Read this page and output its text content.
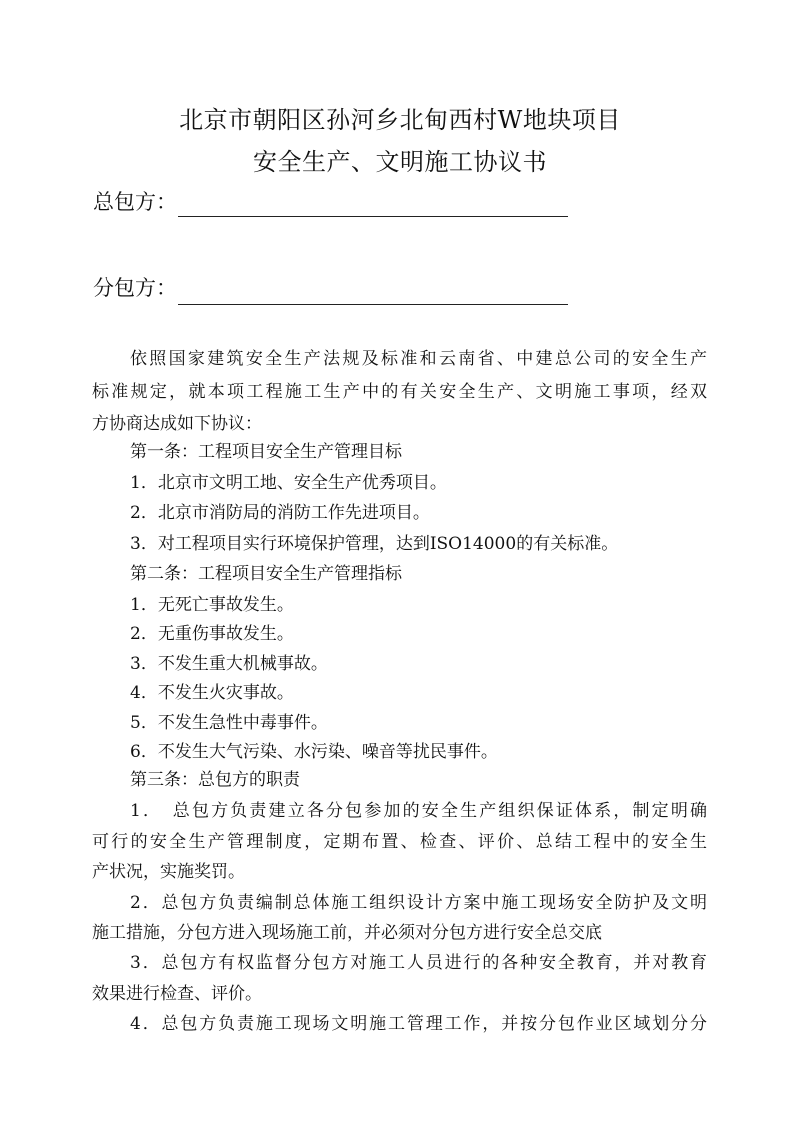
北京市朝阳区孙河乡北甸西村W地块项目
安全生产、文明施工协议书
总包方：
分包方：
依照国家建筑安全生产法规及标准和云南省、中建总公司的安全生产
标准规定，就本项工程施工生产中的有关安全生产、文明施工事项，经双
方协商达成如下协议：
第一条：工程项目安全生产管理目标
1．北京市文明工地、安全生产优秀项目。
2．北京市消防局的消防工作先进项目。
3．对工程项目实行环境保护管理，达到ISO14000的有关标准。
第二条：工程项目安全生产管理指标
1．无死亡事故发生。
2．无重伤事故发生。
3．不发生重大机械事故。
4．不发生火灾事故。
5．不发生急性中毒事件。
6．不发生大气污染、水污染、噪音等扰民事件。
第三条：总包方的职责
1．　总包方负责建立各分包参加的安全生产组织保证体系，制定明确
可行的安全生产管理制度，定期布置、检查、评价、总结工程中的安全生
产状况，实施奖罚。
2．总包方负责编制总体施工组织设计方案中施工现场安全防护及文明
施工措施，分包方进入现场施工前，并必须对分包方进行安全总交底
3．总包方有权监督分包方对施工人员进行的各种安全教育，并对教育
效果进行检查、评价。
4．总包方负责施工现场文明施工管理工作，并按分包作业区域划分分
